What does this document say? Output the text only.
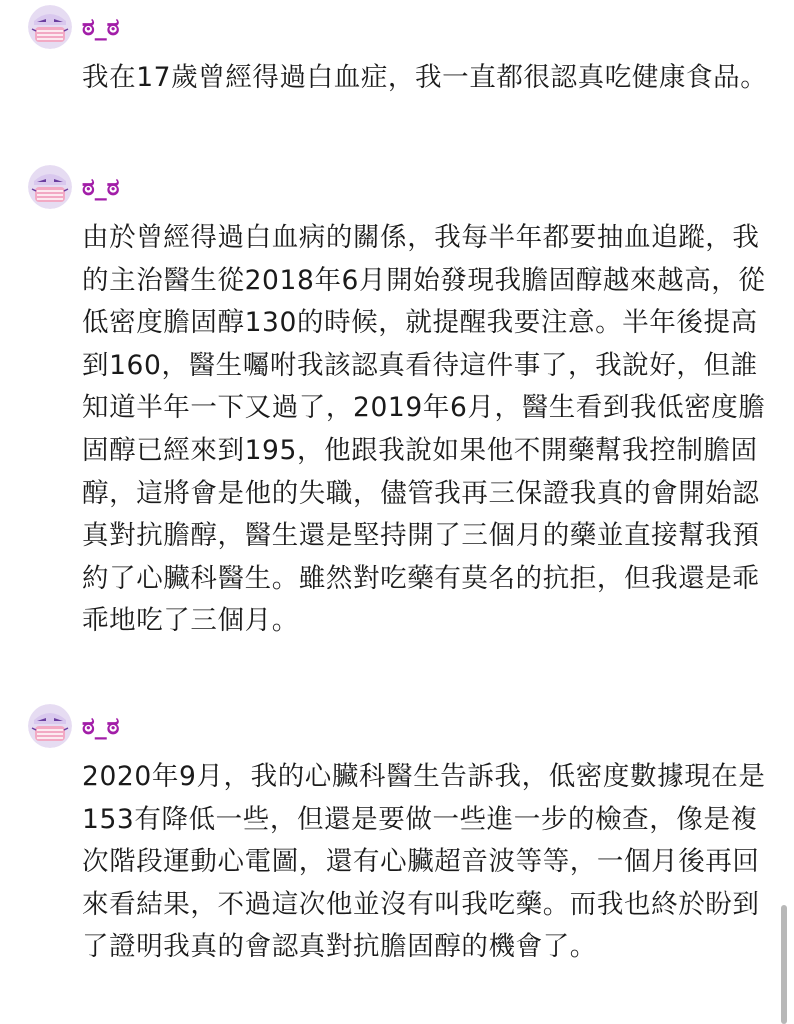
ಠ_ಠ

我在17歲曾經得過白血症，我一直都很認真吃健康食品。

ಠ_ಠ

由於曾經得過白血病的關係，我每半年都要抽血追蹤，我的主治醫生從2018年6月開始發現我膽固醇越來越高，從低密度膽固醇130的時候，就提醒我要注意。半年後提高到160，醫生囑咐我該認真看待這件事了，我說好，但誰知道半年一下又過了，2019年6月，醫生看到我低密度膽固醇已經來到195，他跟我說如果他不開藥幫我控制膽固醇，這將會是他的失職，儘管我再三保證我真的會開始認真對抗膽醇，醫生還是堅持開了三個月的藥並直接幫我預約了心臟科醫生。雖然對吃藥有莫名的抗拒，但我還是乖乖地吃了三個月。

ಠ_ಠ

2020年9月，我的心臟科醫生告訴我，低密度數據現在是153有降低一些，但還是要做一些進一步的檢查，像是複次階段運動心電圖，還有心臟超音波等等，一個月後再回來看結果，不過這次他並沒有叫我吃藥。而我也終於盼到了證明我真的會認真對抗膽固醇的機會了。
